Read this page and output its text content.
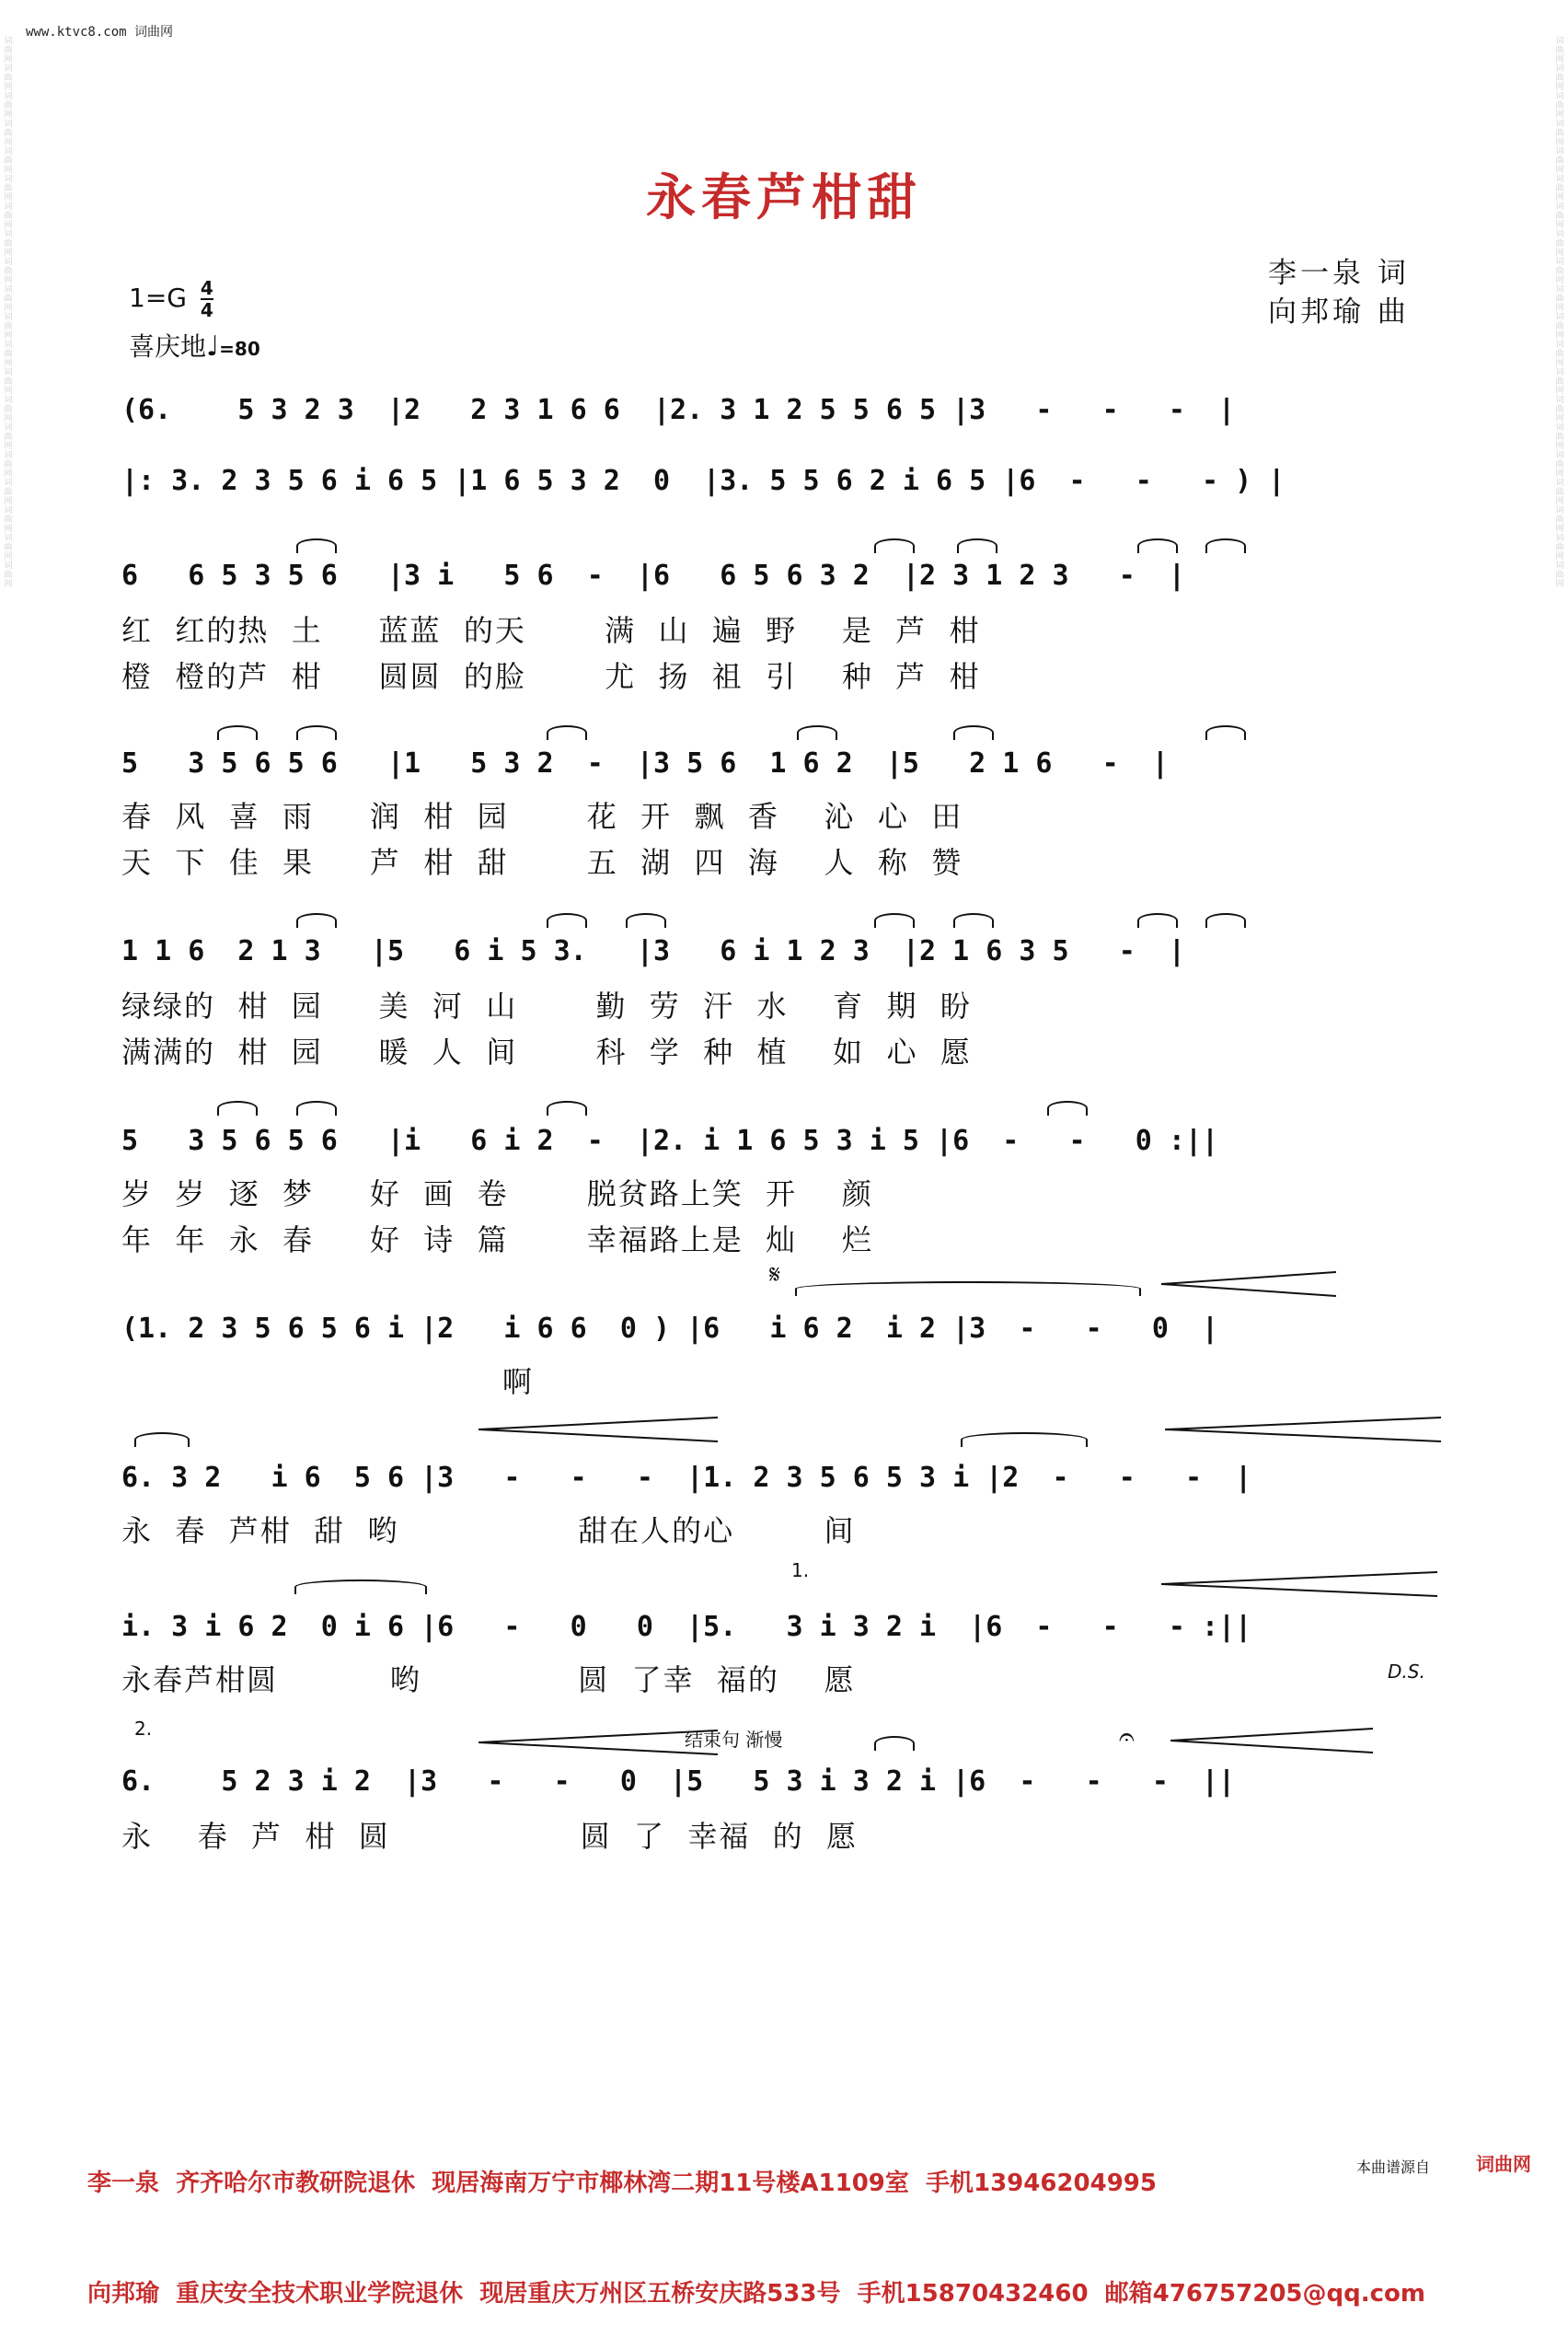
www.ktvc8.com 词曲网
词曲网词曲网词曲网词曲网词曲网词曲网词曲网词曲网词曲网词曲网词曲网词曲网词曲网词曲网词曲网词曲网词曲网词曲网词曲网词曲网
词曲网词曲网词曲网词曲网词曲网词曲网词曲网词曲网词曲网词曲网词曲网词曲网词曲网词曲网词曲网词曲网词曲网词曲网词曲网词曲网
永春芦柑甜
$1=G \frac{4}{4}$
喜庆地♩=80
李一泉 词
向邦瑜 曲
(6.    5 3 2 3  |2   2 3 1 6 6  |2. 3 1 2 5 5 6 5 |3   -   -   -  |
|: 3. 2 3 5 6 i 6 5 |1 6 5 3 2  0  |3. 5 5 6 2 i 6 5 |6  -   -   - ) |
6   6 5 3 5 6   |3 i   5 6  -  |6   6 5 6 3 2  |2 3 1 2 3   -  |
红  红的热  土     蓝蓝  的天       满  山  遍  野    是  芦  柑
橙  橙的芦  柑     圆圆  的脸       尤  扬  祖  引    种  芦  柑
5   3 5 6 5 6   |1   5 3 2  -  |3 5 6  1 6 2  |5   2 1 6   -  |
春  风  喜  雨     润  柑  园       花  开  飘  香    沁  心  田
天  下  佳  果     芦  柑  甜       五  湖  四  海    人  称  赞
1 1 6  2 1 3   |5   6 i 5 3.   |3   6 i 1 2 3  |2 1 6 3 5   -  |
绿绿的  柑  园     美  河  山       勤  劳  汗  水    育  期  盼
满满的  柑  园     暖  人  间       科  学  种  植    如  心  愿
5   3 5 6 5 6   |i   6 i 2  -  |2. i 1 6 5 3 i 5 |6  -   -   0 :||
岁  岁  逐  梦     好  画  卷       脱贫路上笑  开    颜
年  年  永  春     好  诗  篇       幸福路上是  灿    烂
𝄋
(1. 2 3 5 6 5 6 i |2   i 6 6  0 ) |6   i 6 2  i 2 |3  -   -   0  |
啊
6. 3 2   i 6  5 6 |3   -   -   -  |1. 2 3 5 6 5 3 i |2  -   -   -  |
永  春  芦柑  甜  哟                甜在人的心        间
1.
i. 3 i 6 2  0 i 6 |6   -   0   0  |5.   3 i 3 2 i  |6  -   -   - :||
永春芦柑圆          哟              圆  了幸  福的    愿	D.S.
2.	结束句 渐慢	𝄐
6.    5 2 3 i 2  |3   -   -   0  |5   5 3 i 3 2 i |6  -   -   -  ||
永    春  芦  柑  圆                 圆  了  幸福  的  愿

李一泉  齐齐哈尔市教研院退休  现居海南万宁市椰林湾二期11号楼A1109室  手机13946204995

向邦瑜  重庆安全技术职业学院退休  现居重庆万州区五桥安庆路533号  手机15870432460  邮箱476757205@qq.com

本曲谱源自	词曲网
